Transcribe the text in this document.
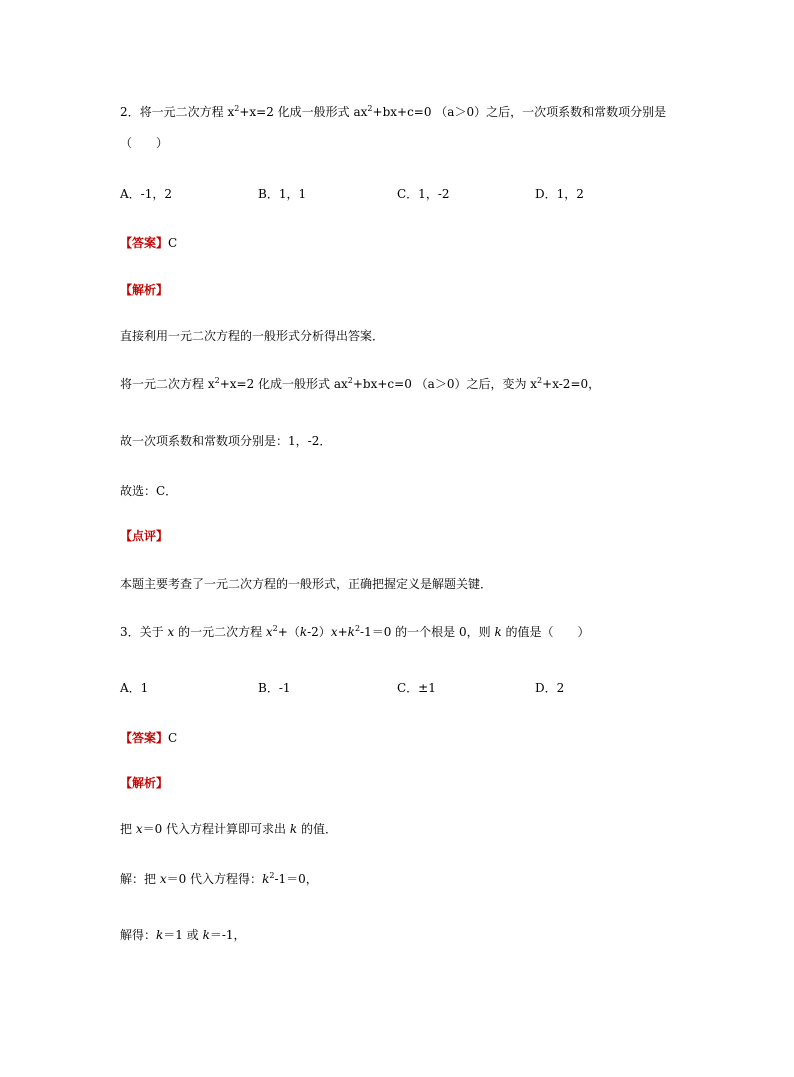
2．将一元二次方程 $x^2+x=2$ 化成一般形式 $ax^2+bx+c=0$ （a＞0）之后，一次项系数和常数项分别是
（　　）
A．-1，2	B．1，1	C．1，-2	D．1，2
【答案】C
【解析】
直接利用一元二次方程的一般形式分析得出答案．
将一元二次方程 $x^2+x=2$ 化成一般形式 $ax^2+bx+c=0$ （a＞0）之后，变为 $x^2+x-2=0$，
故一次项系数和常数项分别是：1，-2．
故选：C．
【点评】
本题主要考查了一元二次方程的一般形式，正确把握定义是解题关键．
3．关于 x 的一元二次方程 $x^2+(k-2)x+k^2-1=0$ 的一个根是 0，则 k 的值是（　　）
A．1	B．-1	C．±1	D．2
【答案】C
【解析】
把 x＝0 代入方程计算即可求出 k 的值．
解：把 x＝0 代入方程得：$k^2-1=0$，
解得：k＝1 或 k＝-1，
